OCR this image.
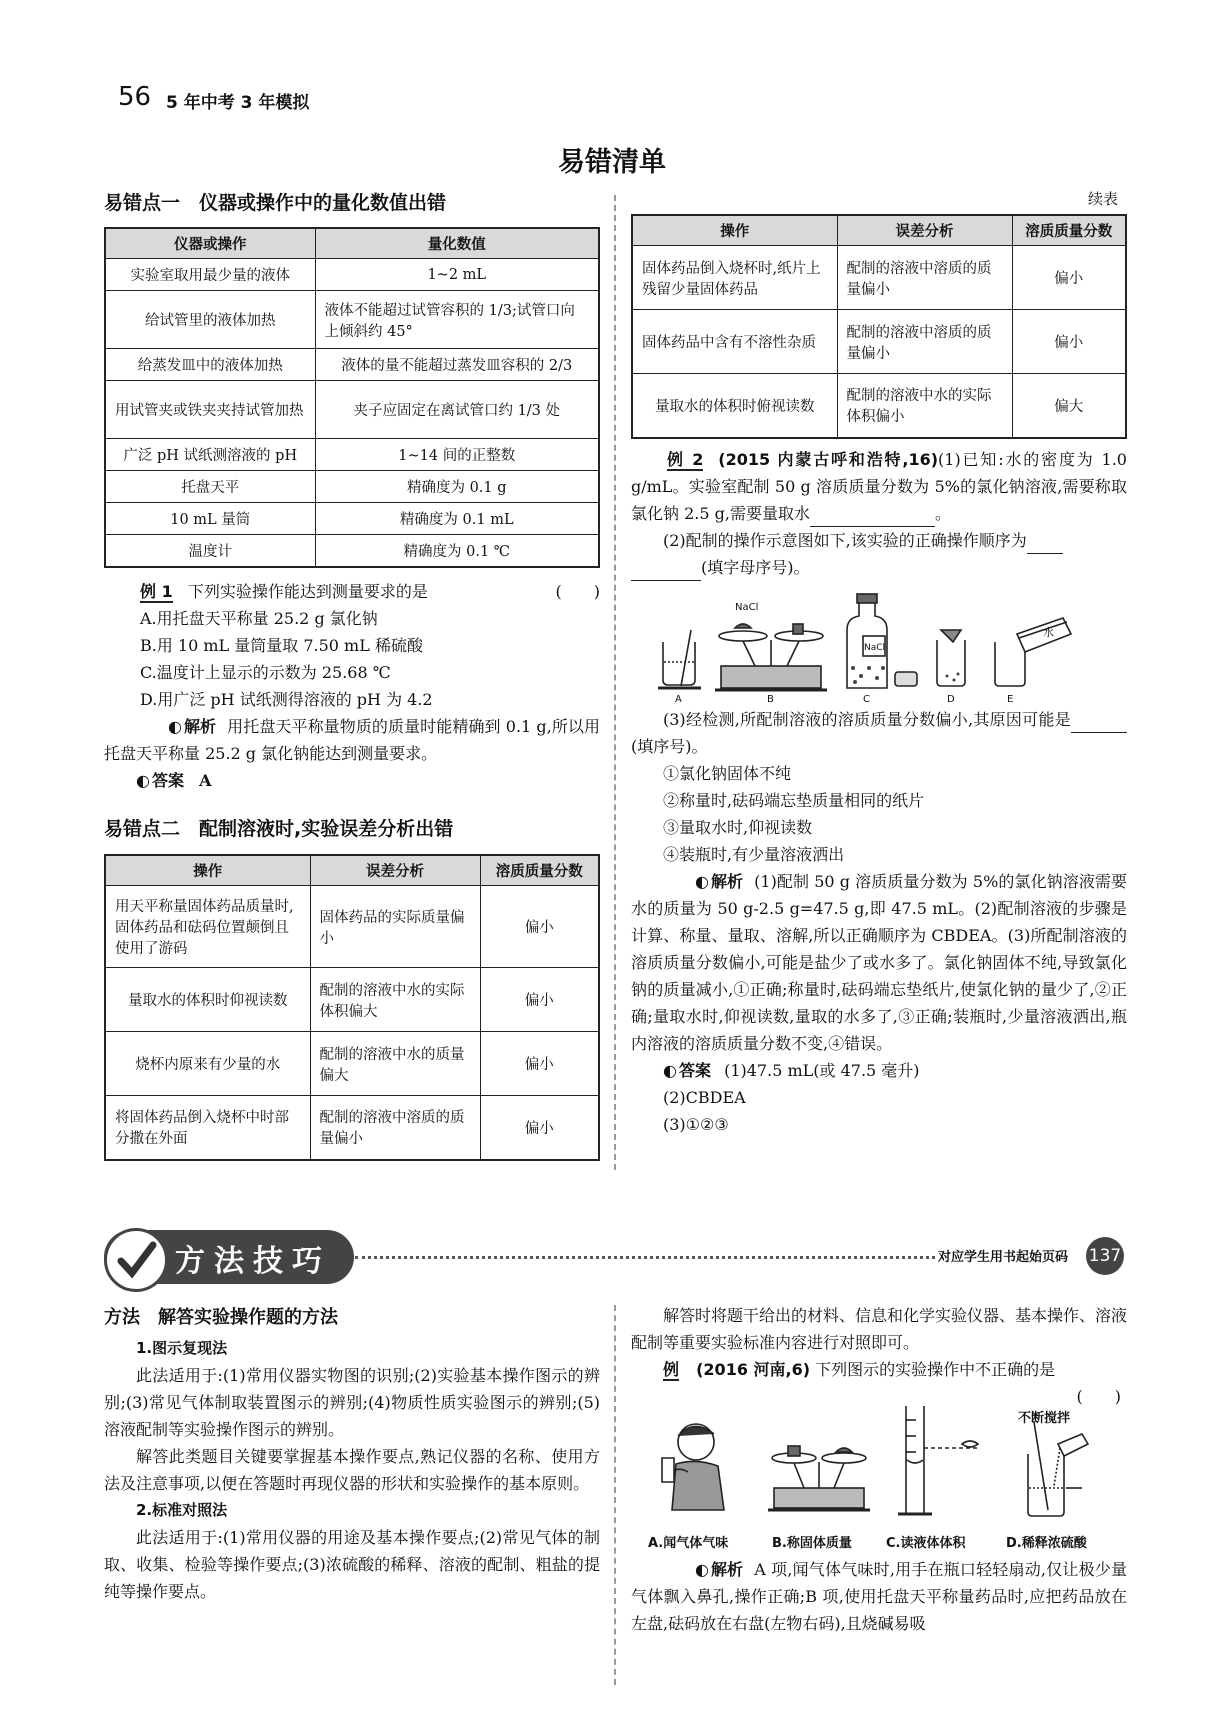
56 5 年中考 3 年模拟
易错清单
易错点一　仪器或操作中的量化数值出错
仪器或操作	量化数值
实验室取用最少量的液体	1~2 mL
给试管里的液体加热	液体不能超过试管容积的 1/3;试管口向上倾斜约 45°
给蒸发皿中的液体加热	液体的量不能超过蒸发皿容积的 2/3
用试管夹或铁夹夹持试管加热	夹子应固定在离试管口约 1/3 处
广泛 pH 试纸测溶液的 pH	1~14 间的正整数
托盘天平	精确度为 0.1 g
10 mL 量筒	精确度为 0.1 mL
温度计	精确度为 0.1 ℃
例 1 下列实验操作能达到测量要求的是	(　　)
A.用托盘天平称量 25.2 g 氯化钠
B.用 10 mL 量筒量取 7.50 mL 稀硫酸
C.温度计上显示的示数为 25.68 ℃
D.用广泛 pH 试纸测得溶液的 pH 为 4.2
◐ 解析 用托盘天平称量物质的质量时能精确到 0.1 g,所以用托盘天平称量 25.2 g 氯化钠能达到测量要求。
◐ 答案 A
易错点二　配制溶液时,实验误差分析出错
操作	误差分析	溶质质量分数
用天平称量固体药品质量时,固体药品和砝码位置颠倒且使用了游码	固体药品的实际质量偏小	偏小
量取水的体积时仰视读数	配制的溶液中水的实际体积偏大	偏小
烧杯内原来有少量的水	配制的溶液中水的质量偏大	偏小
将固体药品倒入烧杯中时部分撒在外面	配制的溶液中溶质的质量偏小	偏小
续表
操作	误差分析	溶质质量分数
固体药品倒入烧杯时,纸片上残留少量固体药品	配制的溶液中溶质的质量偏小	偏小
固体药品中含有不溶性杂质	配制的溶液中溶质的质量偏小	偏小
量取水的体积时俯视读数	配制的溶液中水的实际体积偏小	偏大
例 2 (2015 内蒙古呼和浩特,16)(1)已知:水的密度为 1.0 g/mL。实验室配制 50 g 溶质质量分数为 5%的氯化钠溶液,需要称取氯化钠 2.5 g,需要量取水	。
(2)配制的操作示意图如下,该实验的正确操作顺序为
(填字母序号)。
NaCl
NaCl
水
A	B	C	D	E
(3)经检测,所配制溶液的溶质质量分数偏小,其原因可能是(填序号)。
①氯化钠固体不纯
②称量时,砝码端忘垫质量相同的纸片
③量取水时,仰视读数
④装瓶时,有少量溶液洒出
◐ 解析 (1)配制 50 g 溶质质量分数为 5%的氯化钠溶液需要水的质量为 50 g-2.5 g=47.5 g,即 47.5 mL。(2)配制溶液的步骤是计算、称量、量取、溶解,所以正确顺序为 CBDEA。(3)所配制溶液的溶质质量分数偏小,可能是盐少了或水多了。氯化钠固体不纯,导致氯化钠的质量减小,①正确;称量时,砝码端忘垫纸片,使氯化钠的量少了,②正确;量取水时,仰视读数,量取的水多了,③正确;装瓶时,少量溶液洒出,瓶内溶液的溶质质量分数不变,④错误。
◐ 答案 (1)47.5 mL(或 47.5 毫升)
(2)CBDEA
(3)①②③
方法技巧	对应学生用书起始页码 137
方法　解答实验操作题的方法
1.图示复现法
此法适用于:(1)常用仪器实物图的识别;(2)实验基本操作图示的辨别;(3)常见气体制取装置图示的辨别;(4)物质性质实验图示的辨别;(5)溶液配制等实验操作图示的辨别。
解答此类题目关键要掌握基本操作要点,熟记仪器的名称、使用方法及注意事项,以便在答题时再现仪器的形状和实验操作的基本原则。
2.标准对照法
此法适用于:(1)常用仪器的用途及基本操作要点;(2)常见气体的制取、收集、检验等操作要点;(3)浓硫酸的稀释、溶液的配制、粗盐的提纯等操作要点。
解答时将题干给出的材料、信息和化学实验仪器、基本操作、溶液配制等重要实验标准内容进行对照即可。
例 (2016 河南,6) 下列图示的实验操作中不正确的是
(　　)
不断搅拌
A.闻气体气味	B.称固体质量	C.读液体体积	D.稀释浓硫酸
◐ 解析 A 项,闻气体气味时,用手在瓶口轻轻扇动,仅让极少量气体飘入鼻孔,操作正确;B 项,使用托盘天平称量药品时,应把药品放在左盘,砝码放在右盘(左物右码),且烧碱易吸
